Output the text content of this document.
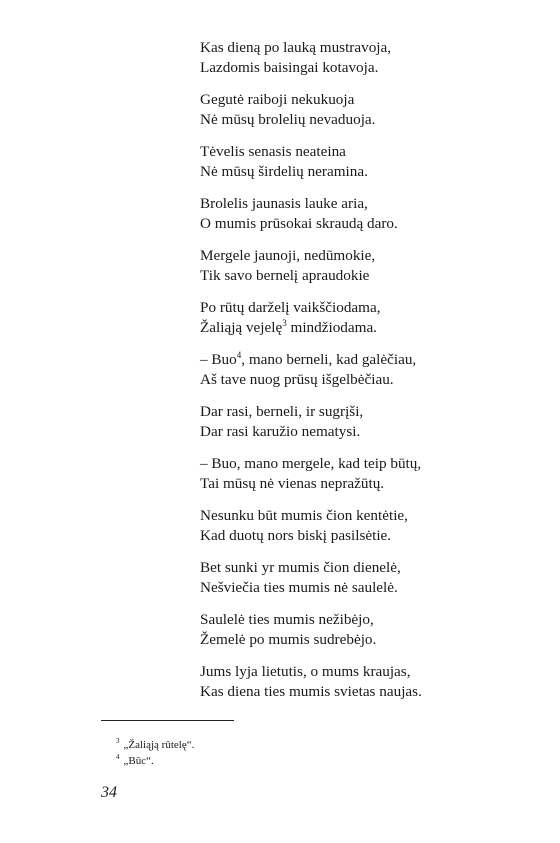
Kas dieną po lauką mustravoja,
Lazdomis baisingai kotavoja.
Gegutė raiboji nekukuoja
Nė mūsų brolelių nevaduoja.
Tėvelis senasis neateina
Nė mūsų širdelių neramina.
Brolelis jaunasis lauke aria,
O mumis prūsokai skraudą daro.
Mergele jaunoji, nedūmokie,
Tik savo bernelį apraudokie
Po rūtų darželį vaikščiodama,
Žaliąją vejelę$^3$ mindžiodama.
– Buo$^4$, mano berneli, kad galėčiau,
Aš tave nuog prūsų išgelbėčiau.
Dar rasi, berneli, ir sugrįši,
Dar rasi karužio nematysi.
– Buo, mano mergele, kad teip būtų,
Tai mūsų nė vienas nepražūtų.
Nesunku būt mumis čion kentėtie,
Kad duotų nors biskį pasilsėtie.
Bet sunki yr mumis čion dienelė,
Nešviečia ties mumis nė saulelė.
Saulelė ties mumis nežibėjo,
Žemelė po mumis sudrebėjo.
Jums lyja lietutis, o mums kraujas,
Kas diena ties mumis svietas naujas.
$^3$ „Žaliąją rūtelę“.
$^4$ „Būc“.
34
